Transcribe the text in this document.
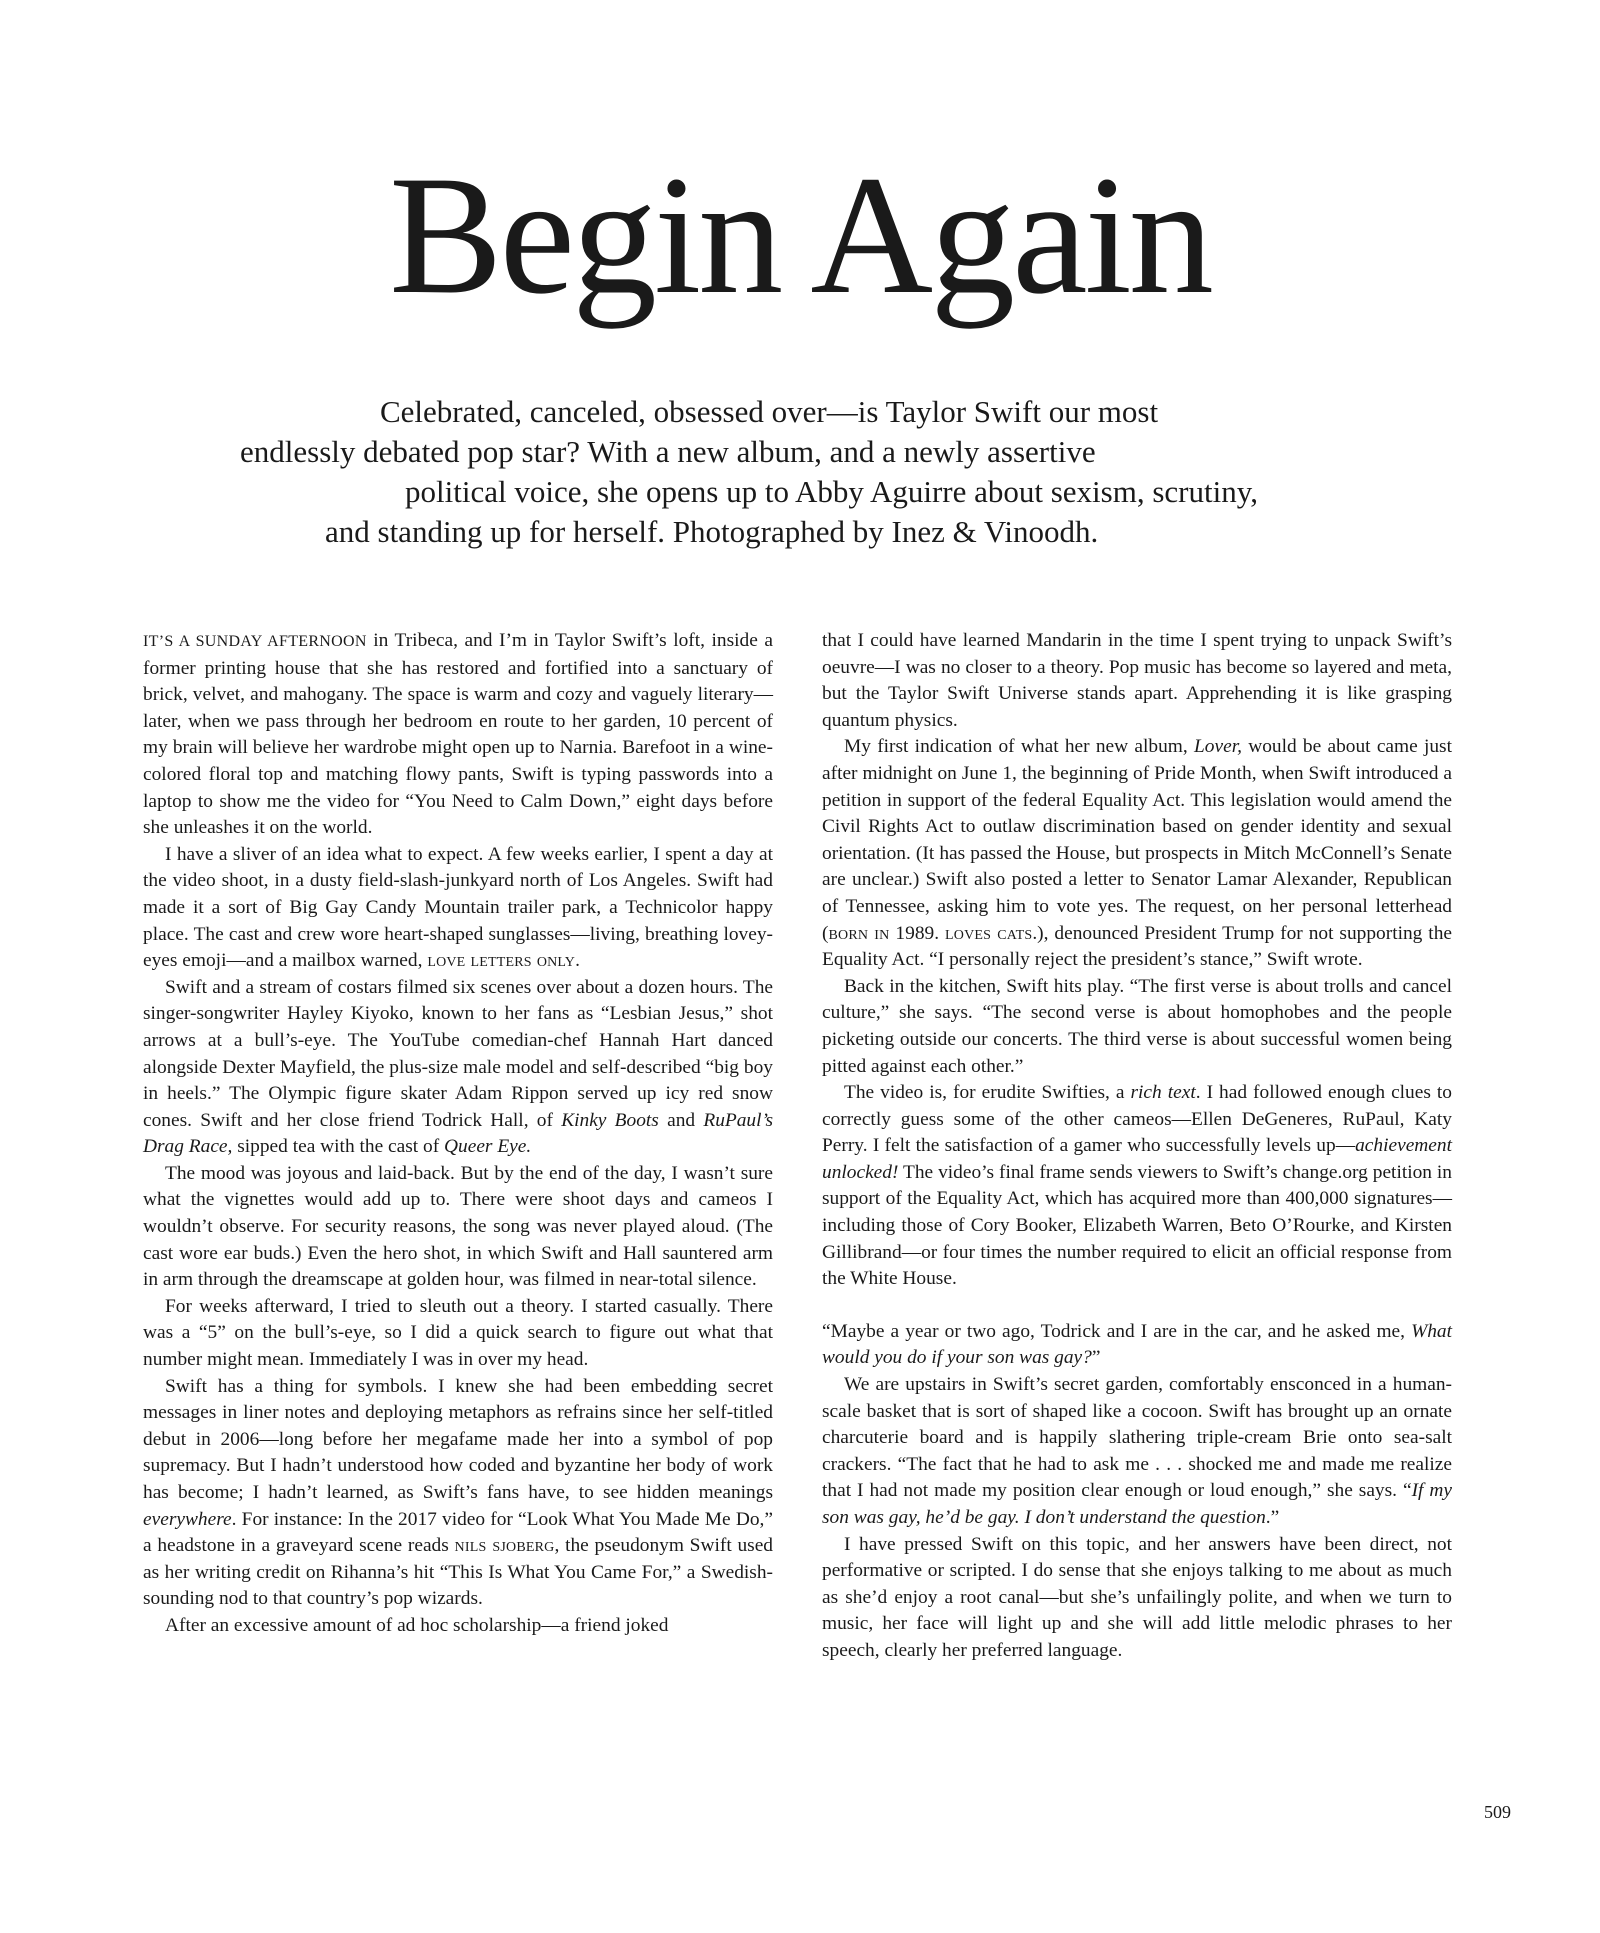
Begin Again
Celebrated, canceled, obsessed over—is Taylor Swift our most
endlessly debated pop star? With a new album, and a newly assertive
political voice, she opens up to Abby Aguirre about sexism, scrutiny,
and standing up for herself. Photographed by Inez & Vinoodh.

IT’S A SUNDAY AFTERNOON in Tribeca, and I’m in Taylor Swift’s loft, inside a former printing house that she has restored and fortified into a sanctuary of brick, velvet, and mahogany. The space is warm and cozy and vaguely literary—later, when we pass through her bedroom en route to her garden, 10 percent of my brain will believe her wardrobe might open up to Narnia. Barefoot in a wine-colored floral top and matching flowy pants, Swift is typing passwords into a laptop to show me the video for “You Need to Calm Down,” eight days before she unleashes it on the world.

I have a sliver of an idea what to expect. A few weeks earlier, I spent a day at the video shoot, in a dusty field-slash-junkyard north of Los Angeles. Swift had made it a sort of Big Gay Candy Mountain trailer park, a Technicolor happy place. The cast and crew wore heart-shaped sunglasses—living, breathing lovey-eyes emoji—and a mailbox warned, love letters only.

Swift and a stream of costars filmed six scenes over about a dozen hours. The singer-songwriter Hayley Kiyoko, known to her fans as “Lesbian Jesus,” shot arrows at a bull’s-eye. The YouTube comedian-chef Hannah Hart danced alongside Dexter Mayfield, the plus-size male model and self-described “big boy in heels.” The Olympic figure skater Adam Rippon served up icy red snow cones. Swift and her close friend Todrick Hall, of Kinky Boots and RuPaul’s Drag Race, sipped tea with the cast of Queer Eye.

The mood was joyous and laid-back. But by the end of the day, I wasn’t sure what the vignettes would add up to. There were shoot days and cameos I wouldn’t observe. For security reasons, the song was never played aloud. (The cast wore ear buds.) Even the hero shot, in which Swift and Hall sauntered arm in arm through the dreamscape at golden hour, was filmed in near-total silence.

For weeks afterward, I tried to sleuth out a theory. I started casually. There was a “5” on the bull’s-eye, so I did a quick search to figure out what that number might mean. Immediately I was in over my head.

Swift has a thing for symbols. I knew she had been embedding secret messages in liner notes and deploying metaphors as refrains since her self-titled debut in 2006—long before her megafame made her into a symbol of pop supremacy. But I hadn’t understood how coded and byzantine her body of work has become; I hadn’t learned, as Swift’s fans have, to see hidden meanings everywhere. For instance: In the 2017 video for “Look What You Made Me Do,” a headstone in a graveyard scene reads nils sjoberg, the pseudonym Swift used as her writing credit on Rihanna’s hit “This Is What You Came For,” a Swedish-sounding nod to that country’s pop wizards.

After an excessive amount of ad hoc scholarship—a friend joked

that I could have learned Mandarin in the time I spent trying to unpack Swift’s oeuvre—I was no closer to a theory. Pop music has become so layered and meta, but the Taylor Swift Universe stands apart. Apprehending it is like grasping quantum physics.

My first indication of what her new album, Lover, would be about came just after midnight on June 1, the beginning of Pride Month, when Swift introduced a petition in support of the federal Equality Act. This legislation would amend the Civil Rights Act to outlaw discrimination based on gender identity and sexual orientation. (It has passed the House, but prospects in Mitch McConnell’s Senate are unclear.) Swift also posted a letter to Senator Lamar Alexander, Republican of Tennessee, asking him to vote yes. The request, on her personal letterhead (born in 1989. loves cats.), denounced President Trump for not supporting the Equality Act. “I personally reject the president’s stance,” Swift wrote.

Back in the kitchen, Swift hits play. “The first verse is about trolls and cancel culture,” she says. “The second verse is about homophobes and the people picketing outside our concerts. The third verse is about successful women being pitted against each other.”

The video is, for erudite Swifties, a rich text. I had followed enough clues to correctly guess some of the other cameos—Ellen DeGeneres, RuPaul, Katy Perry. I felt the satisfaction of a gamer who successfully levels up—achievement unlocked! The video’s final frame sends viewers to Swift’s change.org petition in support of the Equality Act, which has acquired more than 400,000 signatures—including those of Cory Booker, Elizabeth Warren, Beto O’Rourke, and Kirsten Gillibrand—or four times the number required to elicit an official response from the White House.

“Maybe a year or two ago, Todrick and I are in the car, and he asked me, What would you do if your son was gay?”

We are upstairs in Swift’s secret garden, comfortably ensconced in a human-scale basket that is sort of shaped like a cocoon. Swift has brought up an ornate charcuterie board and is happily slathering triple-cream Brie onto sea-salt crackers. “The fact that he had to ask me . . . shocked me and made me realize that I had not made my position clear enough or loud enough,” she says. “If my son was gay, he’d be gay. I don’t understand the question.”

I have pressed Swift on this topic, and her answers have been direct, not performative or scripted. I do sense that she enjoys talking to me about as much as she’d enjoy a root canal—but she’s unfailingly polite, and when we turn to music, her face will light up and she will add little melodic phrases to her speech, clearly her preferred language.

509
